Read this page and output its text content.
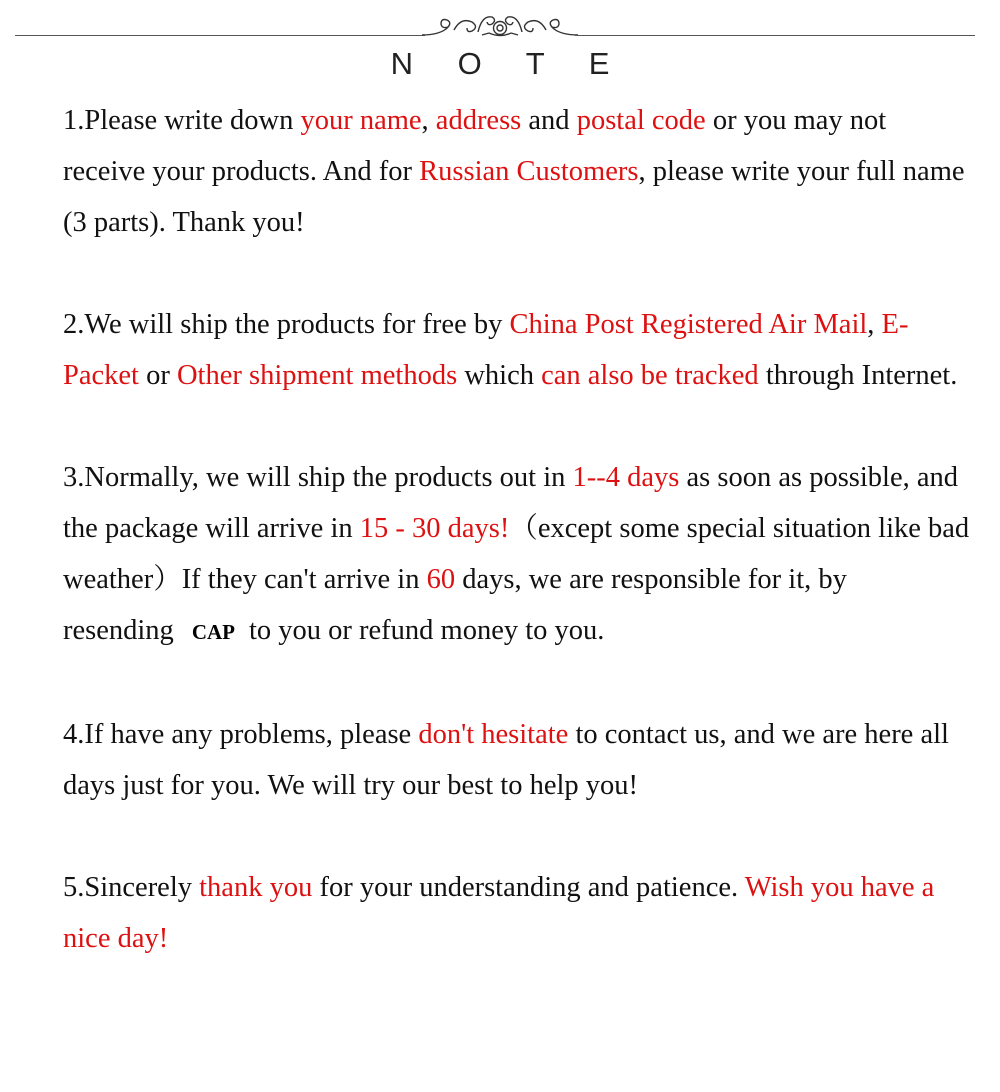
N O T E

1.Please write down your name, address and postal code or you may not receive your products. And for Russian Customers, please write your full name (3 parts). Thank you!

2.We will ship the products for free by China Post Registered Air Mail, E-Packet or Other shipment methods which can also be tracked through Internet.

3.Normally, we will ship the products out in 1--4 days as soon as possible, and the package will arrive in 15 - 30 days!（except some special situation like bad weather）If they can't arrive in 60 days, we are responsible for it, by resending CAP to you or refund money to you.

4.If have any problems, please don't hesitate to contact us, and we are here all days just for you. We will try our best to help you!

5.Sincerely thank you for your understanding and patience. Wish you have a nice day!
